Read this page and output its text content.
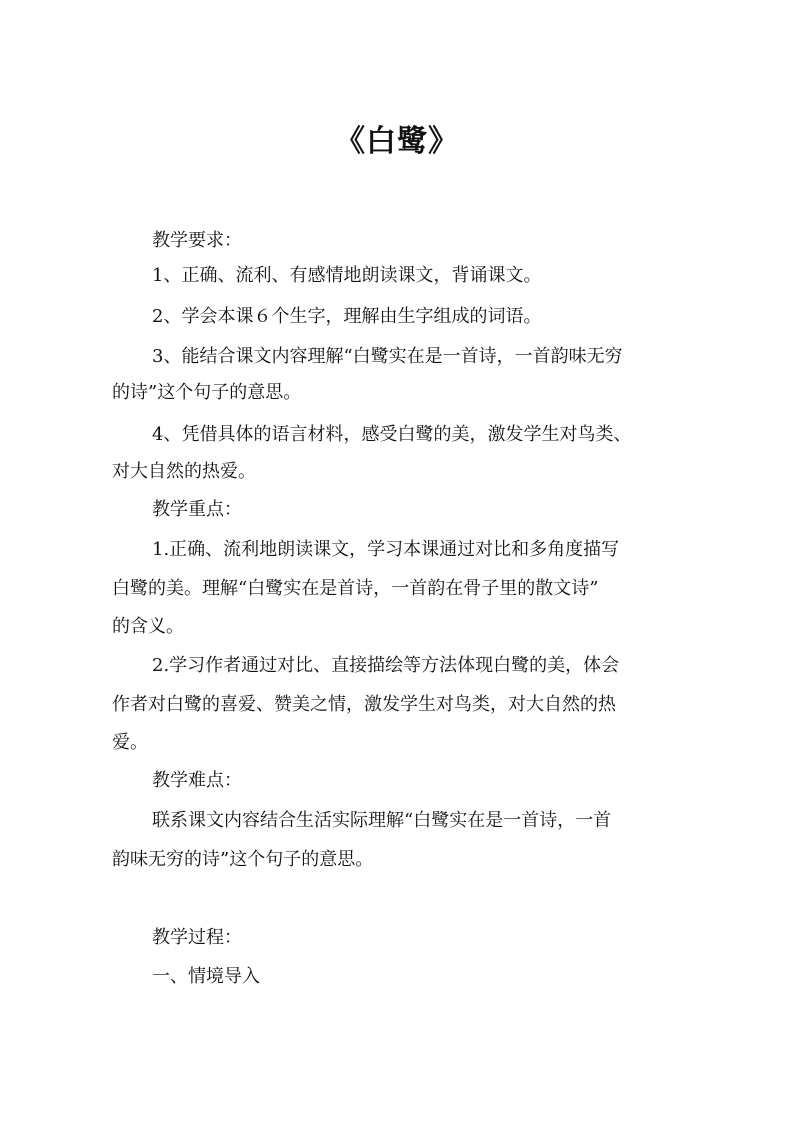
《白鹭》
教学要求：
1、正确、流利、有感情地朗读课文，背诵课文。
2、学会本课６个生字，理解由生字组成的词语。
3、能结合课文内容理解“白鹭实在是一首诗，一首韵味无穷
的诗”这个句子的意思。
4、凭借具体的语言材料，感受白鹭的美，激发学生对鸟类、
对大自然的热爱。
教学重点：
1.正确、流利地朗读课文，学习本课通过对比和多角度描写
白鹭的美。理解“白鹭实在是首诗，一首韵在骨子里的散文诗”
的含义。
2.学习作者通过对比、直接描绘等方法体现白鹭的美，体会
作者对白鹭的喜爱、赞美之情，激发学生对鸟类，对大自然的热
爱。
教学难点：
联系课文内容结合生活实际理解“白鹭实在是一首诗，一首
韵味无穷的诗”这个句子的意思。
教学过程：
一、情境导入
